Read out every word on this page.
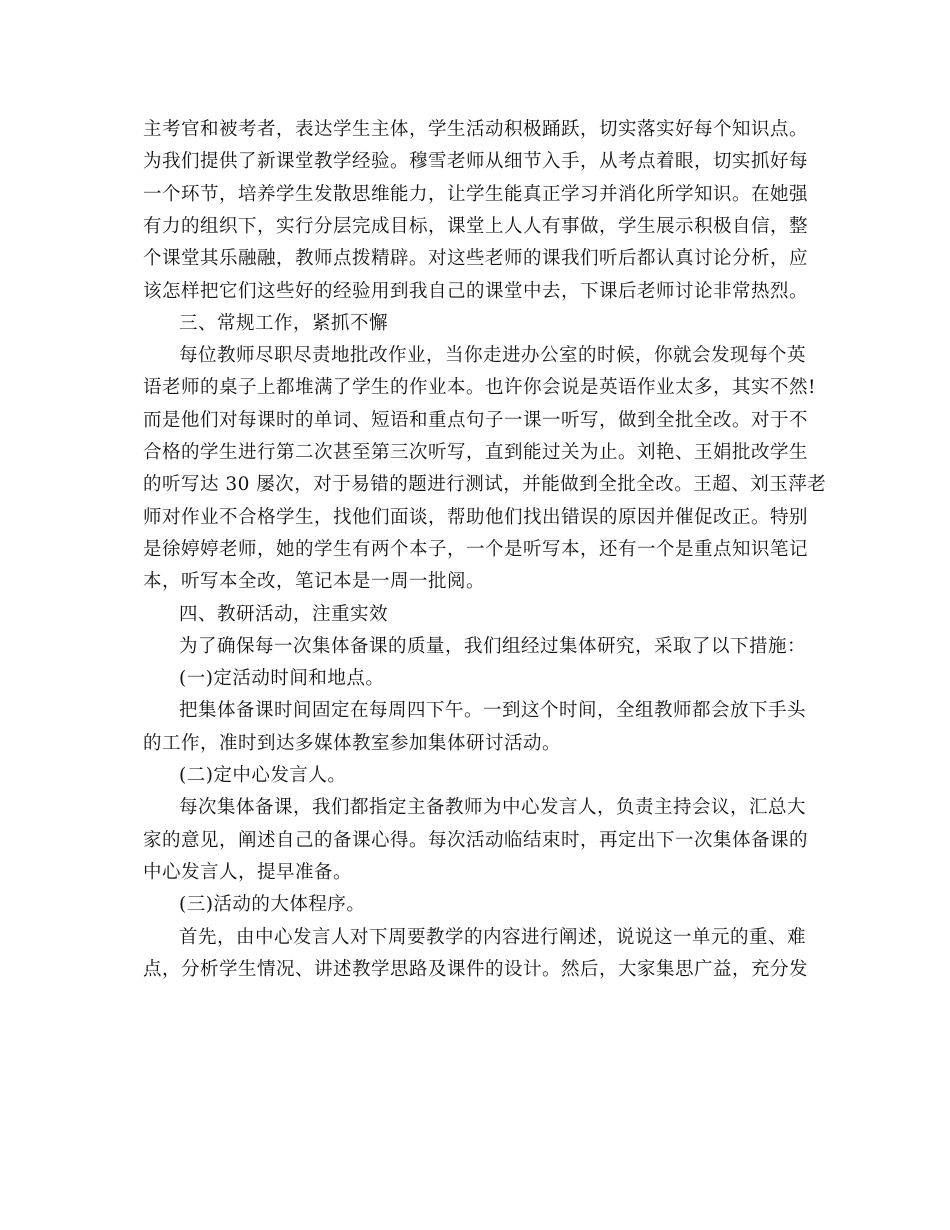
主考官和被考者，表达学生主体，学生活动积极踊跃，切实落实好每个知识点。
为我们提供了新课堂教学经验。穆雪老师从细节入手，从考点着眼，切实抓好每
一个环节，培养学生发散思维能力，让学生能真正学习并消化所学知识。在她强
有力的组织下，实行分层完成目标，课堂上人人有事做，学生展示积极自信，整
个课堂其乐融融，教师点拨精辟。对这些老师的课我们听后都认真讨论分析，应
该怎样把它们这些好的经验用到我自己的课堂中去，下课后老师讨论非常热烈。
三、常规工作，紧抓不懈
每位教师尽职尽责地批改作业，当你走进办公室的时候，你就会发现每个英
语老师的桌子上都堆满了学生的作业本。也许你会说是英语作业太多，其实不然!
而是他们对每课时的单词、短语和重点句子一课一听写，做到全批全改。对于不
合格的学生进行第二次甚至第三次听写，直到能过关为止。刘艳、王娟批改学生
的听写达 30 屡次，对于易错的题进行测试，并能做到全批全改。王超、刘玉萍老
师对作业不合格学生，找他们面谈，帮助他们找出错误的原因并催促改正。特别
是徐婷婷老师，她的学生有两个本子，一个是听写本，还有一个是重点知识笔记
本，听写本全改，笔记本是一周一批阅。
四、教研活动，注重实效
为了确保每一次集体备课的质量，我们组经过集体研究，采取了以下措施：
(一)定活动时间和地点。
把集体备课时间固定在每周四下午。一到这个时间，全组教师都会放下手头
的工作，准时到达多媒体教室参加集体研讨活动。
(二)定中心发言人。
每次集体备课，我们都指定主备教师为中心发言人，负责主持会议，汇总大
家的意见，阐述自己的备课心得。每次活动临结束时，再定出下一次集体备课的
中心发言人，提早准备。
(三)活动的大体程序。
首先，由中心发言人对下周要教学的内容进行阐述，说说这一单元的重、难
点，分析学生情况、讲述教学思路及课件的设计。然后，大家集思广益，充分发
